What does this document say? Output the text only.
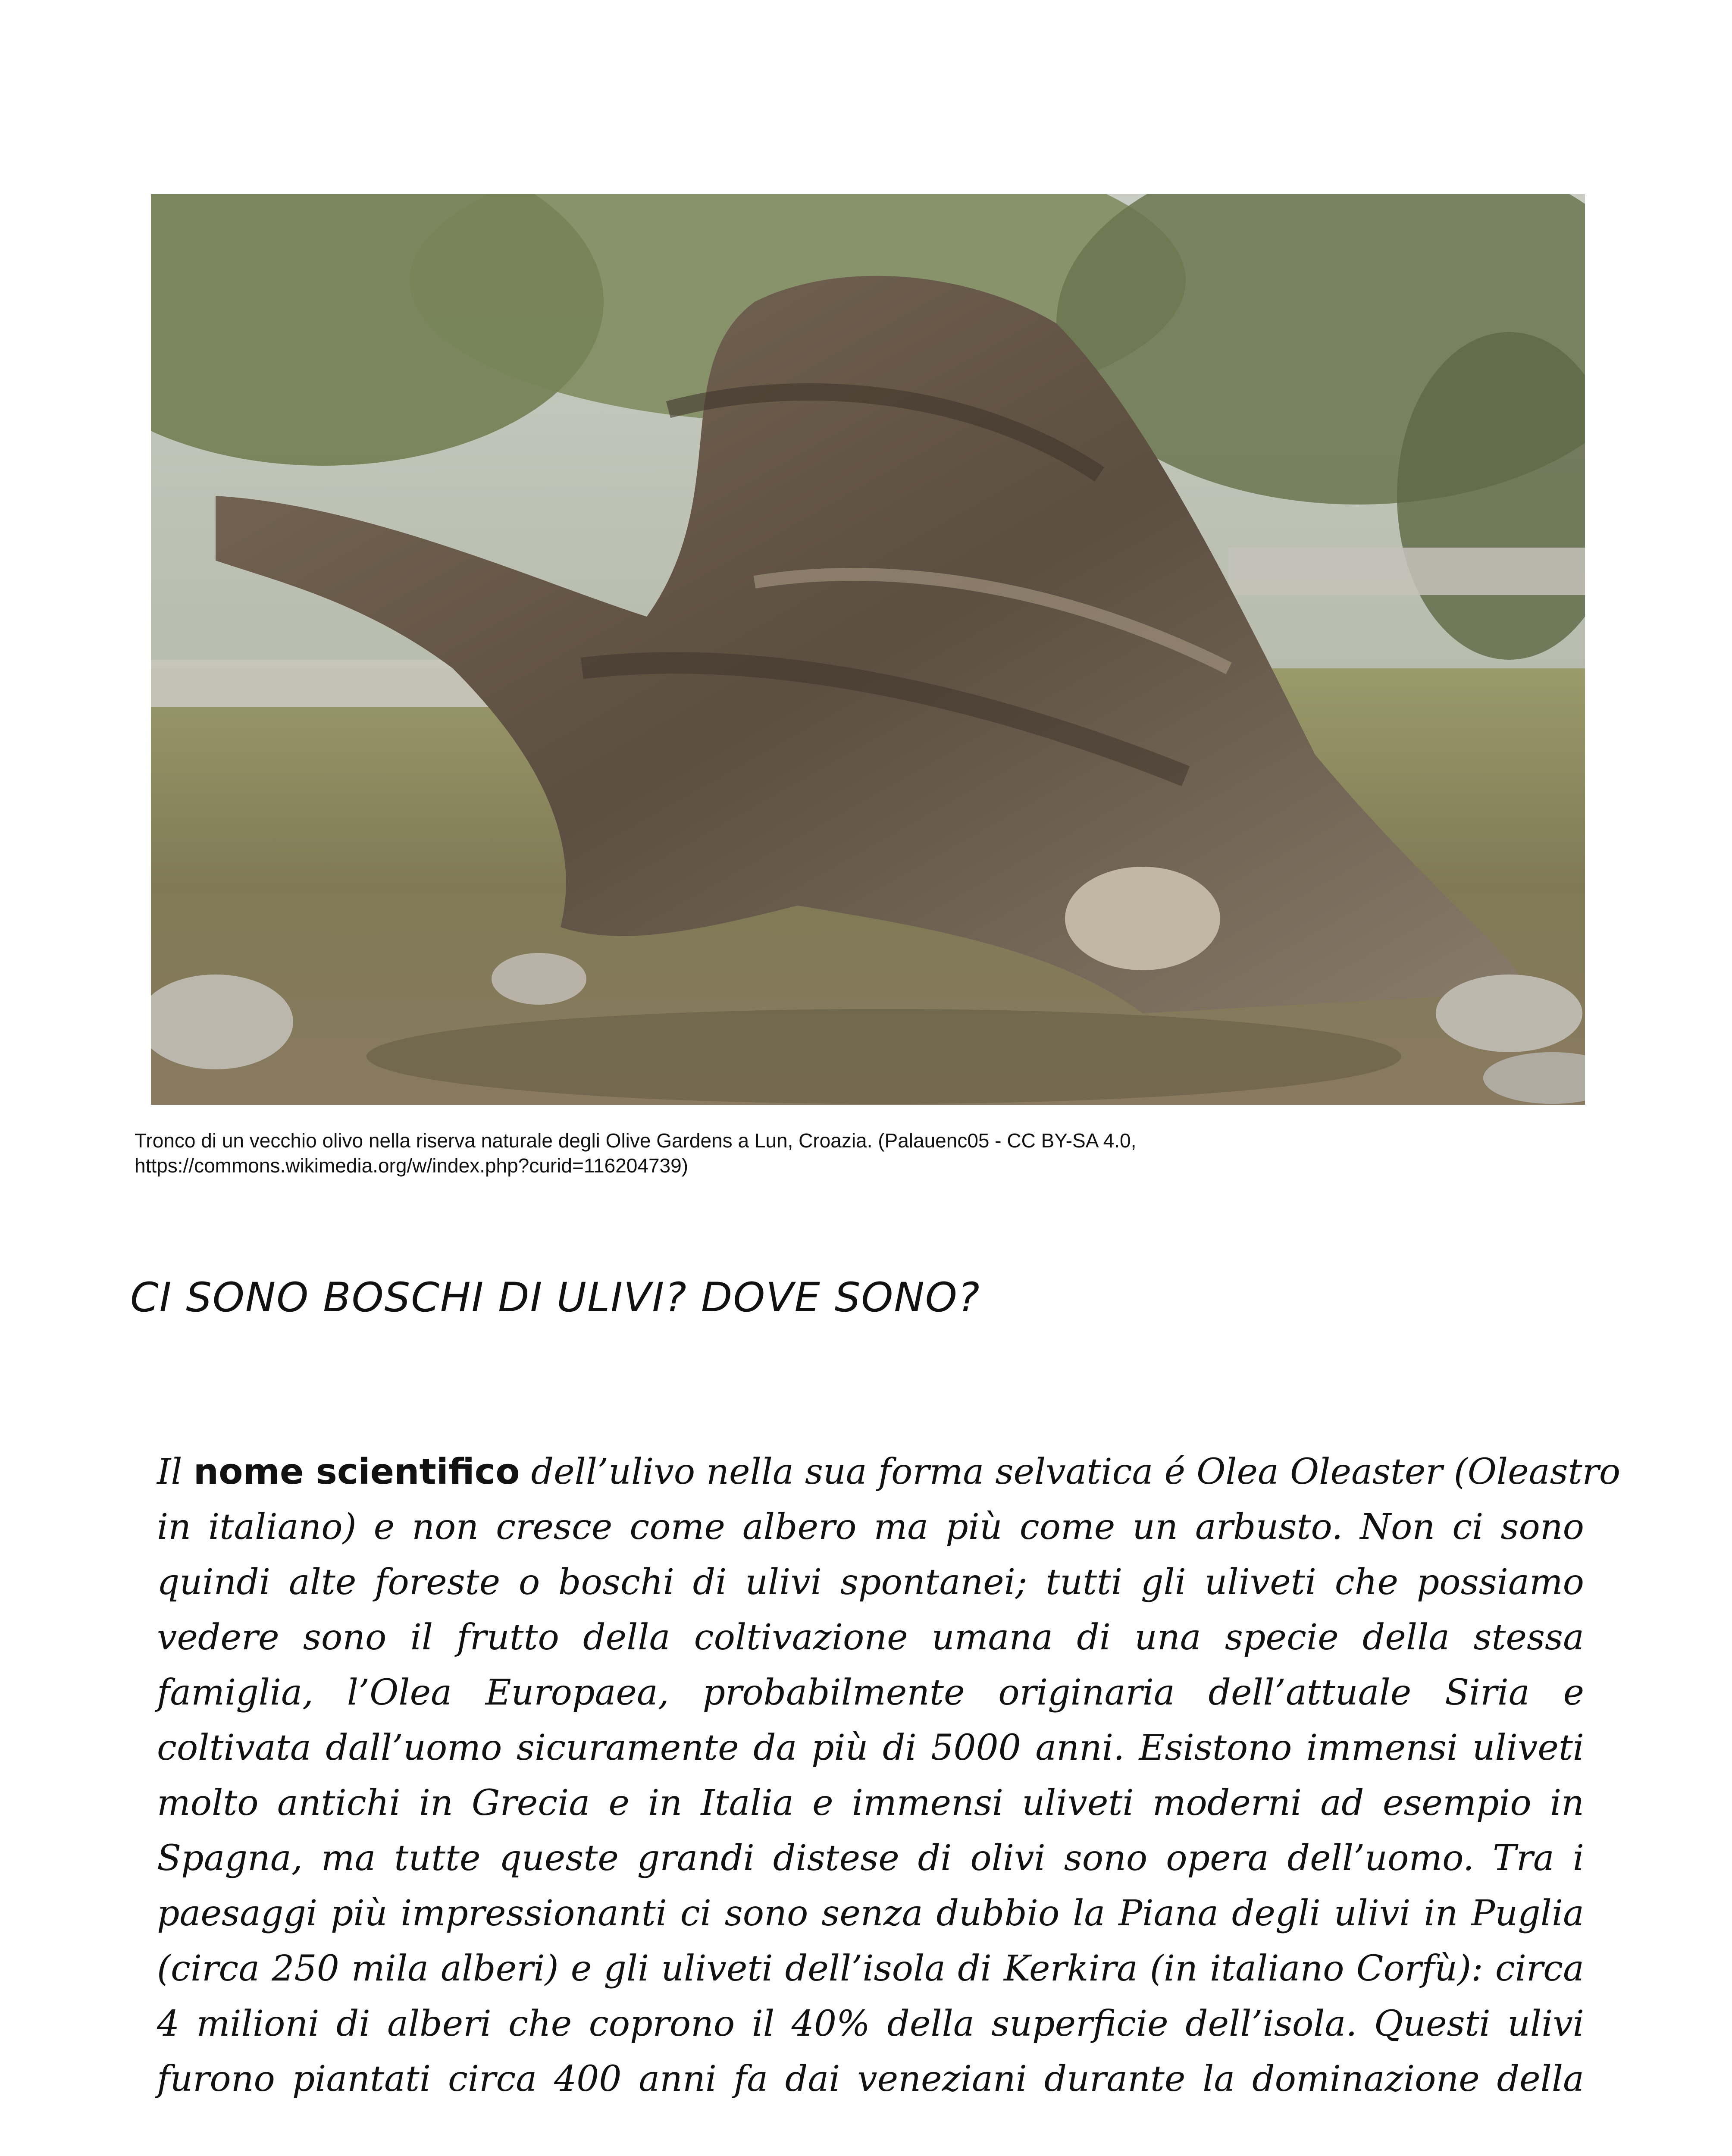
Tronco di un vecchio olivo nella riserva naturale degli Olive Gardens a Lun, Croazia. (Palauenc05 - CC BY-SA 4.0,
https://commons.wikimedia.org/w/index.php?curid=116204739)
CI SONO BOSCHI DI ULIVI? DOVE SONO?
Il nome scientifico dell’ulivo nella sua forma selvatica é Olea Oleaster (Oleastro
in italiano) e non cresce come albero ma più come un arbusto. Non ci sono
quindi alte foreste o boschi di ulivi spontanei; tutti gli uliveti che possiamo
vedere sono il frutto della coltivazione umana di una specie della stessa
famiglia, l’Olea Europaea, probabilmente originaria dell’attuale Siria e
coltivata dall’uomo sicuramente da più di 5000 anni. Esistono immensi uliveti
molto antichi in Grecia e in Italia e immensi uliveti moderni ad esempio in
Spagna, ma tutte queste grandi distese di olivi sono opera dell’uomo. Tra i
paesaggi più impressionanti ci sono senza dubbio la Piana degli ulivi in Puglia
(circa 250 mila alberi) e gli uliveti dell’isola di Kerkira (in italiano Corfù): circa
4 milioni di alberi che coprono il 40% della superficie dell’isola. Questi ulivi
furono piantati circa 400 anni fa dai veneziani durante la dominazione della
